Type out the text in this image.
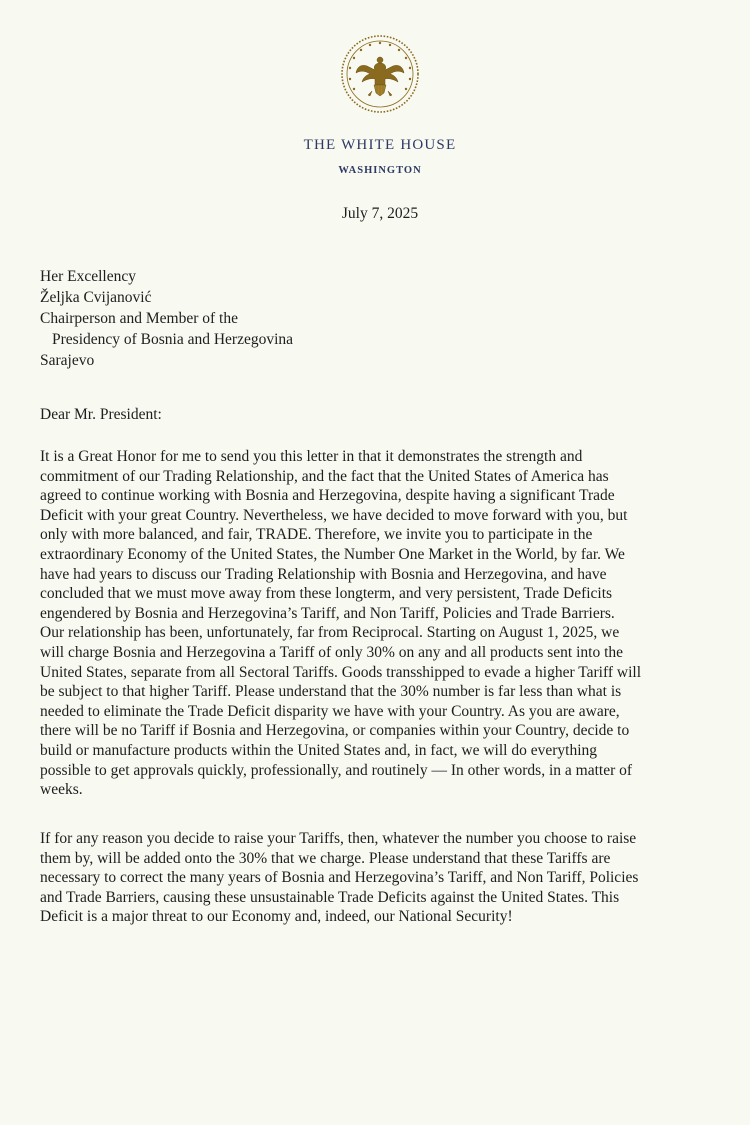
THE WHITE HOUSE
WASHINGTON
July 7, 2025
Her Excellency
Željka Cvijanović
Chairperson and Member of the
Presidency of Bosnia and Herzegovina
Sarajevo
Dear Mr. President:
It is a Great Honor for me to send you this letter in that it demonstrates the strength and
commitment of our Trading Relationship, and the fact that the United States of America has
agreed to continue working with Bosnia and Herzegovina, despite having a significant Trade
Deficit with your great Country. Nevertheless, we have decided to move forward with you, but
only with more balanced, and fair, TRADE. Therefore, we invite you to participate in the
extraordinary Economy of the United States, the Number One Market in the World, by far. We
have had years to discuss our Trading Relationship with Bosnia and Herzegovina, and have
concluded that we must move away from these longterm, and very persistent, Trade Deficits
engendered by Bosnia and Herzegovina’s Tariff, and Non Tariff, Policies and Trade Barriers.
Our relationship has been, unfortunately, far from Reciprocal. Starting on August 1, 2025, we
will charge Bosnia and Herzegovina a Tariff of only 30% on any and all products sent into the
United States, separate from all Sectoral Tariffs. Goods transshipped to evade a higher Tariff will
be subject to that higher Tariff. Please understand that the 30% number is far less than what is
needed to eliminate the Trade Deficit disparity we have with your Country. As you are aware,
there will be no Tariff if Bosnia and Herzegovina, or companies within your Country, decide to
build or manufacture products within the United States and, in fact, we will do everything
possible to get approvals quickly, professionally, and routinely — In other words, in a matter of
weeks.
If for any reason you decide to raise your Tariffs, then, whatever the number you choose to raise
them by, will be added onto the 30% that we charge. Please understand that these Tariffs are
necessary to correct the many years of Bosnia and Herzegovina’s Tariff, and Non Tariff, Policies
and Trade Barriers, causing these unsustainable Trade Deficits against the United States. This
Deficit is a major threat to our Economy and, indeed, our National Security!
